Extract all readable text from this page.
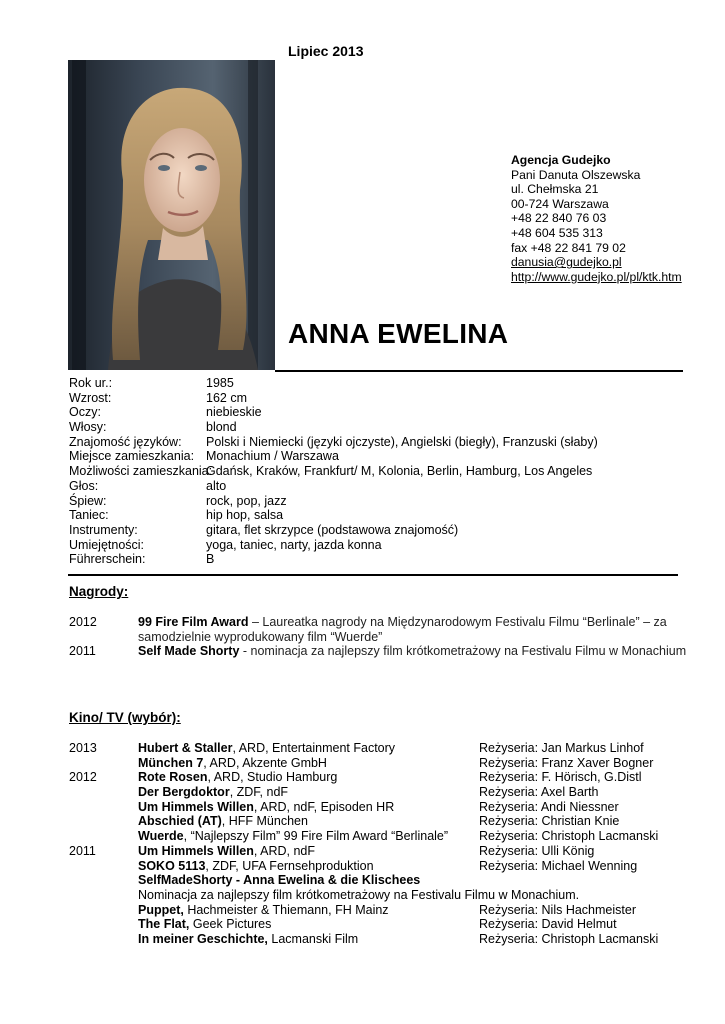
Lipiec 2013
Agencja Gudejko
Pani Danuta Olszewska
ul. Chełmska 21
00-724 Warszawa
+48 22 840 76 03
+48 604 535 313
fax +48 22 841 79 02
danusia@gudejko.pl
http://www.gudejko.pl/pl/ktk.htm
ANNA EWELINA
Rok ur.:	1985
Wzrost:	162 cm
Oczy:	niebieskie
Włosy:	blond
Znajomość języków: Polski i Niemiecki (języki ojczyste), Angielski (biegły), Franzuski (słaby)
Miejsce zamieszkania: Monachium / Warszawa
Możliwości zamieszkania:
Gdańsk, Kraków, Frankfurt/ M, Kolonia, Berlin, Hamburg, Los Angeles
Głos:	alto
Śpiew:	rock, pop, jazz
Taniec:	hip hop, salsa
Instrumenty:	gitara, flet skrzypce (podstawowa znajomość)
Umiejętności:	yoga, taniec, narty, jazda konna
Führerschein:	B
Nagrody:
2012	99 Fire Film Award – Laureatka nagrody na Międzynarodowym Festivalu Filmu “Berlinale” – za samodzielnie wyprodukowany film “Wuerde”
2011	Self Made Shorty - nominacja za najlepszy film krótkometrażowy na Festivalu Filmu w Monachium
Kino/ TV (wybór):
2013	Hubert & Staller, ARD, Entertainment Factory	Reżyseria: Jan Markus Linhof
München 7, ARD, Akzente GmbH	Reżyseria: Franz Xaver Bogner
2012	Rote Rosen, ARD, Studio Hamburg	Reżyseria: F. Hörisch, G.Distl
Der Bergdoktor, ZDF, ndF	Reżyseria: Axel Barth
Um Himmels Willen, ARD, ndF, Episoden HR	Reżyseria: Andi Niessner
Abschied (AT), HFF München	Reżyseria: Christian Knie
Wuerde, “Najlepszy Film” 99 Fire Film Award “Berlinale” Reżyseria: Christoph Lacmanski
2011	Um Himmels Willen, ARD, ndF	Reżyseria: Ulli König
SOKO 5113, ZDF, UFA Fernsehproduktion	Reżyseria: Michael Wenning
SelfMadeShorty - Anna Ewelina & die Klischees
Nominacja za najlepszy film krótkometrażowy na Festivalu Filmu w Monachium.
Puppet, Hachmeister & Thiemann, FH Mainz	Reżyseria: Nils Hachmeister
The Flat, Geek Pictures	Reżyseria: David Helmut
In meiner Geschichte, Lacmanski Film	Reżyseria: Christoph Lacmanski
